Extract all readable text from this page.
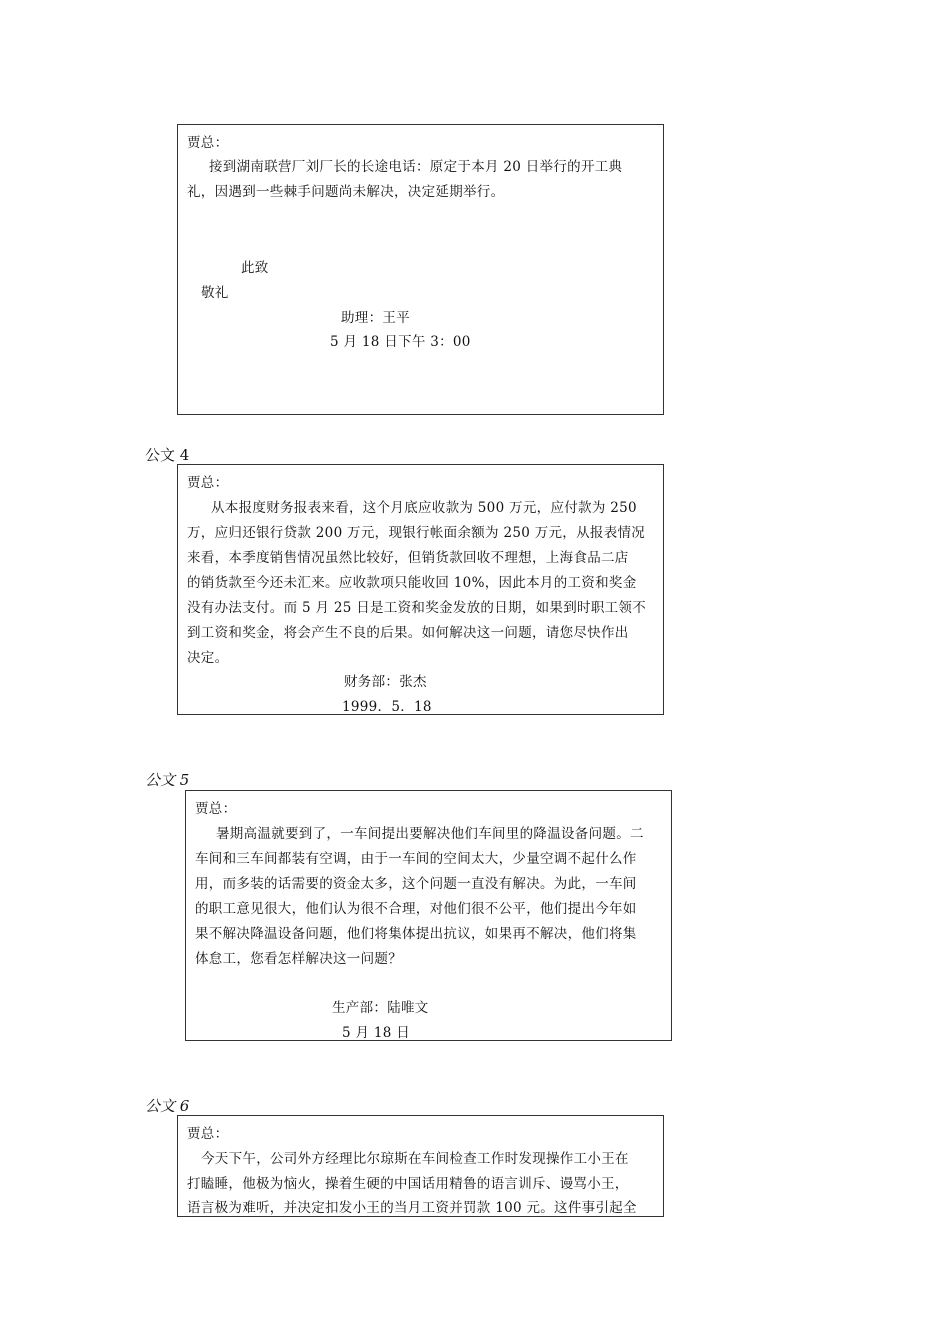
贾总：
接到湖南联营厂刘厂长的长途电话：原定于本月 20 日举行的开工典
礼，因遇到一些棘手问题尚未解决，决定延期举行。
此致
敬礼
助理：王平
5 月 18 日下午 3：00
公文 4
贾总：
从本报度财务报表来看，这个月底应收款为 500 万元，应付款为 250
万，应归还银行贷款 200 万元，现银行帐面余额为 250 万元，从报表情况
来看，本季度销售情况虽然比较好，但销货款回收不理想，上海食品二店
的销货款至今还未汇来。应收款项只能收回 10%，因此本月的工资和奖金
没有办法支付。而 5 月 25 日是工资和奖金发放的日期，如果到时职工领不
到工资和奖金，将会产生不良的后果。如何解决这一问题，请您尽快作出
决定。
财务部：张杰
1999．5．18
公文 5
贾总：
暑期高温就要到了，一车间提出要解决他们车间里的降温设备问题。二
车间和三车间都装有空调，由于一车间的空间太大，少量空调不起什么作
用，而多装的话需要的资金太多，这个问题一直没有解决。为此，一车间
的职工意见很大，他们认为很不合理，对他们很不公平，他们提出今年如
果不解决降温设备问题，他们将集体提出抗议，如果再不解决，他们将集
体怠工，您看怎样解决这一问题？
生产部：陆唯文
5 月 18 日
公文 6
贾总：
今天下午，公司外方经理比尔琼斯在车间检查工作时发现操作工小王在
打瞌睡，他极为恼火，操着生硬的中国话用精鲁的语言训斥、谩骂小王，
语言极为难听，并决定扣发小王的当月工资并罚款 100 元。这件事引起全
